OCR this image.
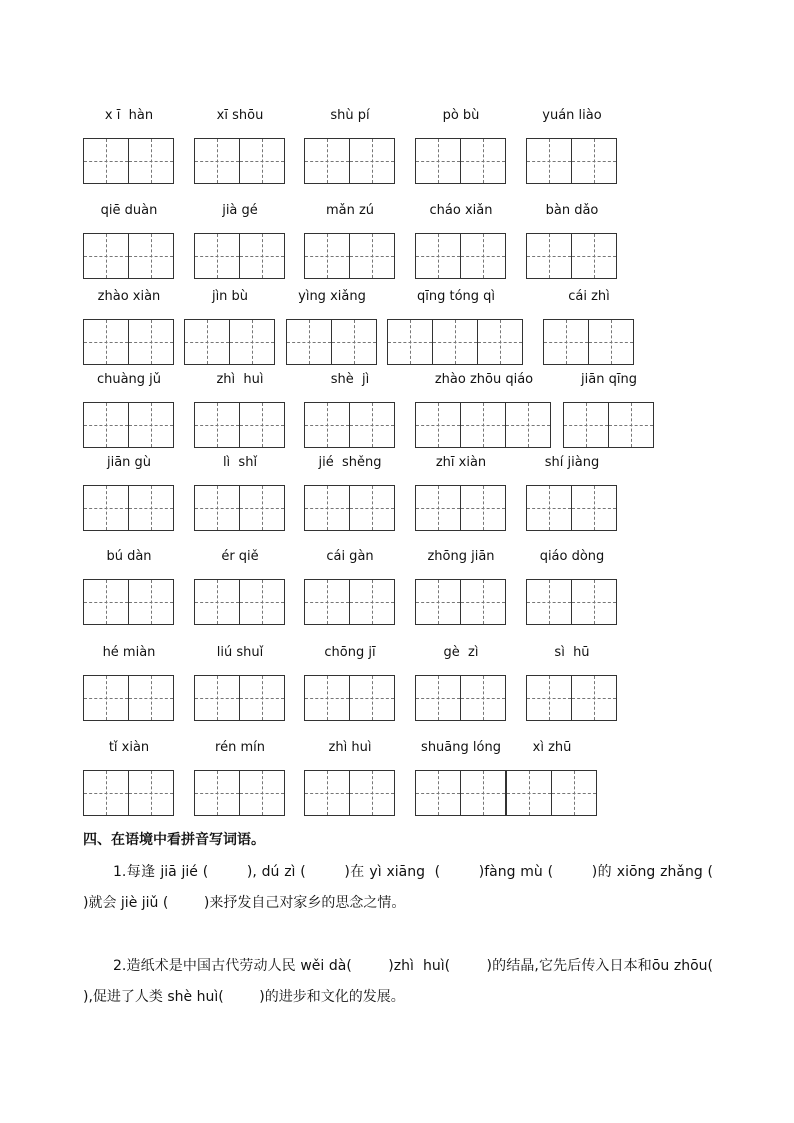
x ī  hàn	xī shōu	shù pí	pò bù	yuán liào
qiē duàn	jià gé	mǎn zú	cháo xiǎn	bàn dǎo
zhào xiàn	jìn bù	yìng xiǎng	qīng tóng qì	cái zhì
chuàng jǔ	zhì  huì	shè  jì	zhào zhōu qiáo	jiān qīng
jiān gù	lì  shǐ	jié  shěng	zhī xiàn	shí jiàng
bú dàn	ér qiě	cái gàn	zhōng jiān	qiáo dòng
hé miàn	liú shuǐ	chōng jī	gè  zì	sì  hū
tǐ xiàn	rén mín	zhì huì	shuāng lóng	xì zhū
四、在语境中看拼音写词语。
1.每逢 jiā jié (        ), dú zì (        )在 yì xiāng  (        )fàng mù (        )的 xiōng zhǎng (        )就会 jiè jiǔ (        )来抒发自己对家乡的思念之情。
2.造纸术是中国古代劳动人民 wěi dà(        )zhì  huì(        )的结晶,它先后传入日本和ōu zhōu(        ),促进了人类 shè huì(        )的进步和文化的发展。
